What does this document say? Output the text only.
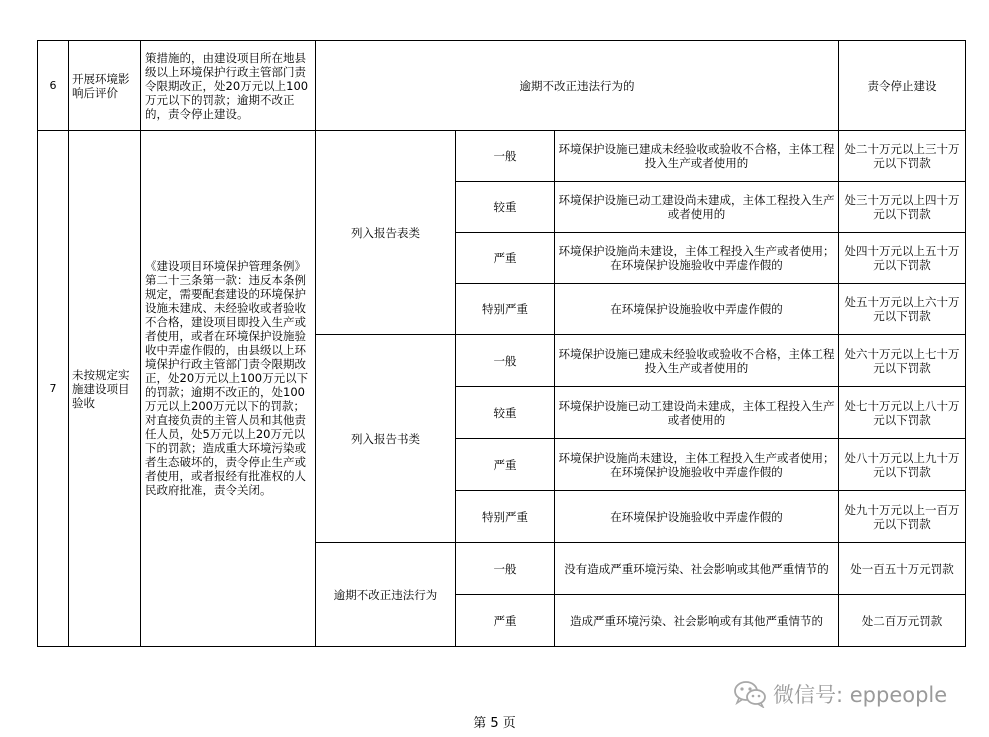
6	开展环境影响后评价	策措施的，由建设项目所在地县级以上环境保护行政主管部门责令限期改正，处20万元以上100万元以下的罚款；逾期不改正的，责令停止建设。	逾期不改正违法行为的			责令停止建设
7	未按规定实施建设项目验收	《建设项目环境保护管理条例》第二十三条第一款：违反本条例规定，需要配套建设的环境保护设施未建成、未经验收或者验收不合格，建设项目即投入生产或者使用，或者在环境保护设施验收中弄虚作假的，由县级以上环境保护行政主管部门责令限期改正，处20万元以上100万元以下的罚款；逾期不改正的，处100万元以上200万元以下的罚款；对直接负责的主管人员和其他责任人员，处5万元以上20万元以下的罚款；造成重大环境污染或者生态破坏的，责令停止生产或者使用，或者报经有批准权的人民政府批准，责令关闭。	列入报告表类	一般	环境保护设施已建成未经验收或验收不合格，主体工程投入生产或者使用的	处二十万元以上三十万元以下罚款
				较重	环境保护设施已动工建设尚未建成，主体工程投入生产或者使用的	处三十万元以上四十万元以下罚款
				严重	环境保护设施尚未建设，主体工程投入生产或者使用；在环境保护设施验收中弄虚作假的	处四十万元以上五十万元以下罚款
				特别严重	在环境保护设施验收中弄虚作假的	处五十万元以上六十万元以下罚款
			列入报告书类	一般	环境保护设施已建成未经验收或验收不合格，主体工程投入生产或者使用的	处六十万元以上七十万元以下罚款
				较重	环境保护设施已动工建设尚未建成，主体工程投入生产或者使用的	处七十万元以上八十万元以下罚款
				严重	环境保护设施尚未建设，主体工程投入生产或者使用；在环境保护设施验收中弄虚作假的	处八十万元以上九十万元以下罚款
				特别严重	在环境保护设施验收中弄虚作假的	处九十万元以上一百万元以下罚款
			逾期不改正违法行为	一般	没有造成严重环境污染、社会影响或其他严重情节的	处一百五十万元罚款
				严重	造成严重环境污染、社会影响或有其他严重情节的	处二百万元罚款
微信号: eppeople
第 5 页
